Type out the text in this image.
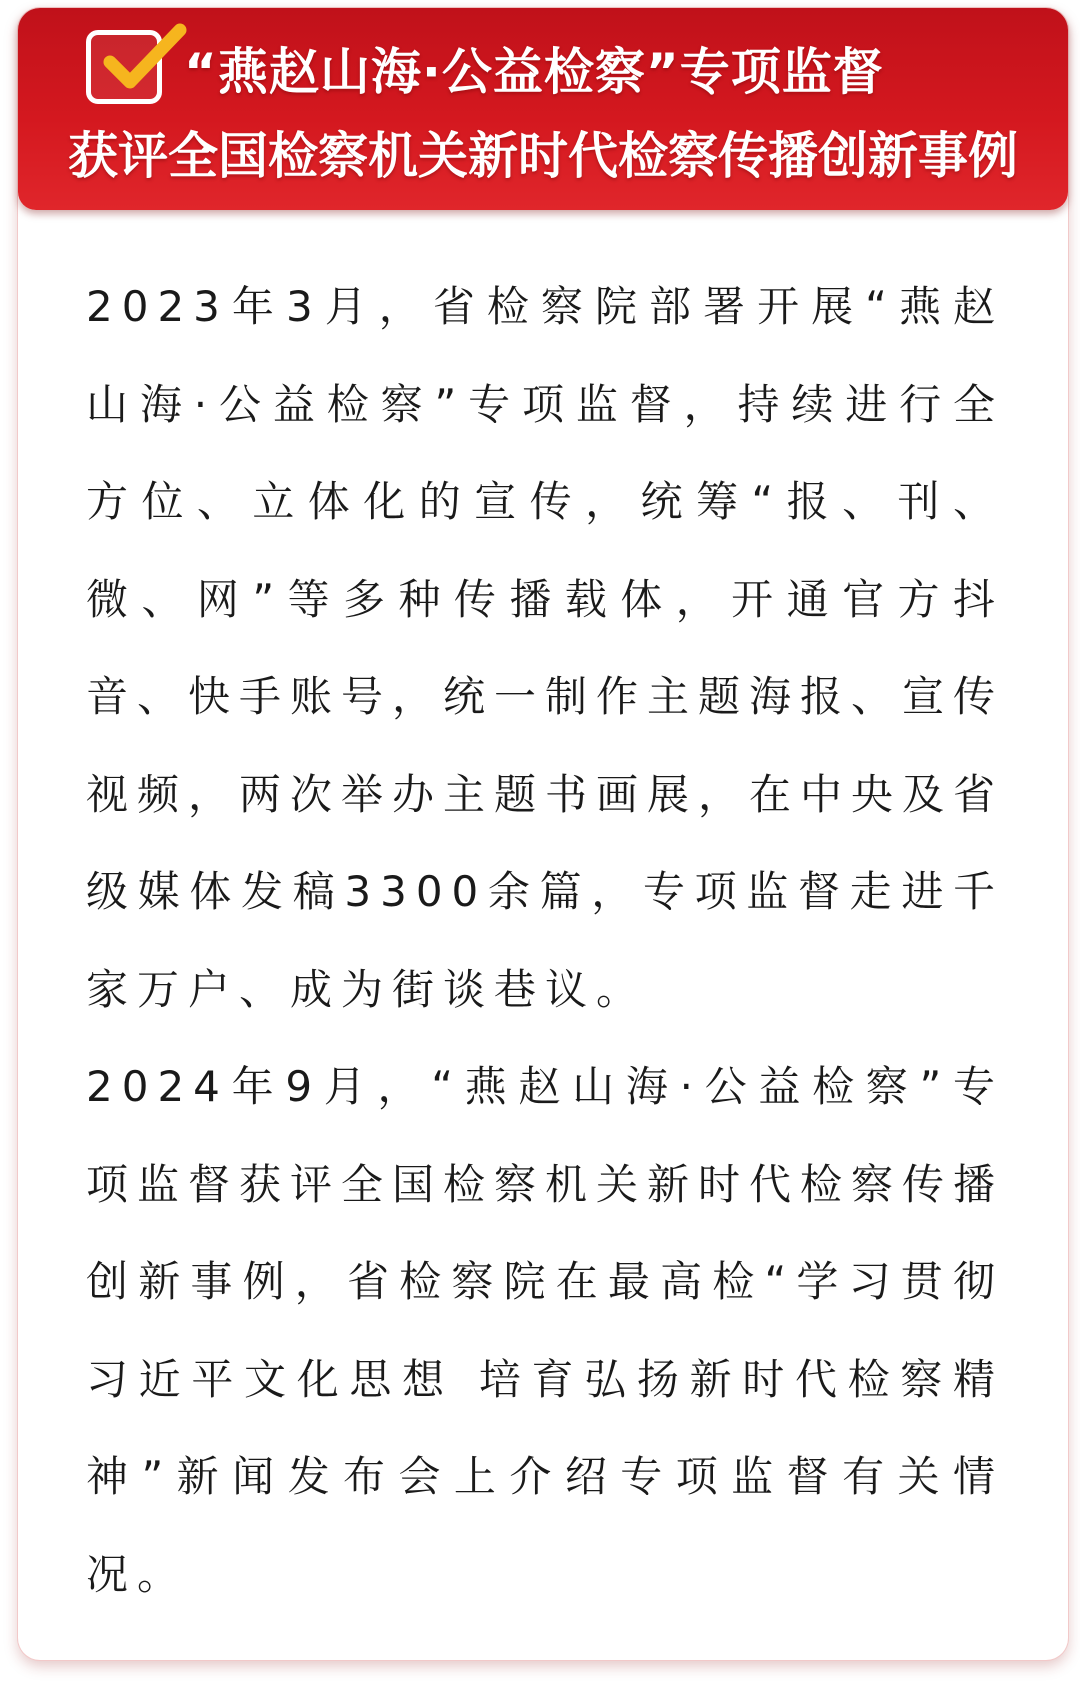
“燕赵山海·公益检察”专项监督
获评全国检察机关新时代检察传播创新事例

2023年3月，省检察院部署开展“燕赵山海·公益检察”专项监督，持续进行全方位、立体化的宣传，统筹“报、刊、微、网”等多种传播载体，开通官方抖音、快手账号，统一制作主题海报、宣传视频，两次举办主题书画展，在中央及省级媒体发稿3300余篇，专项监督走进千家万户、成为街谈巷议。

2024年9月，“燕赵山海·公益检察”专项监督获评全国检察机关新时代检察传播创新事例，省检察院在最高检“学习贯彻习近平文化思想 培育弘扬新时代检察精神”新闻发布会上介绍专项监督有关情况。
